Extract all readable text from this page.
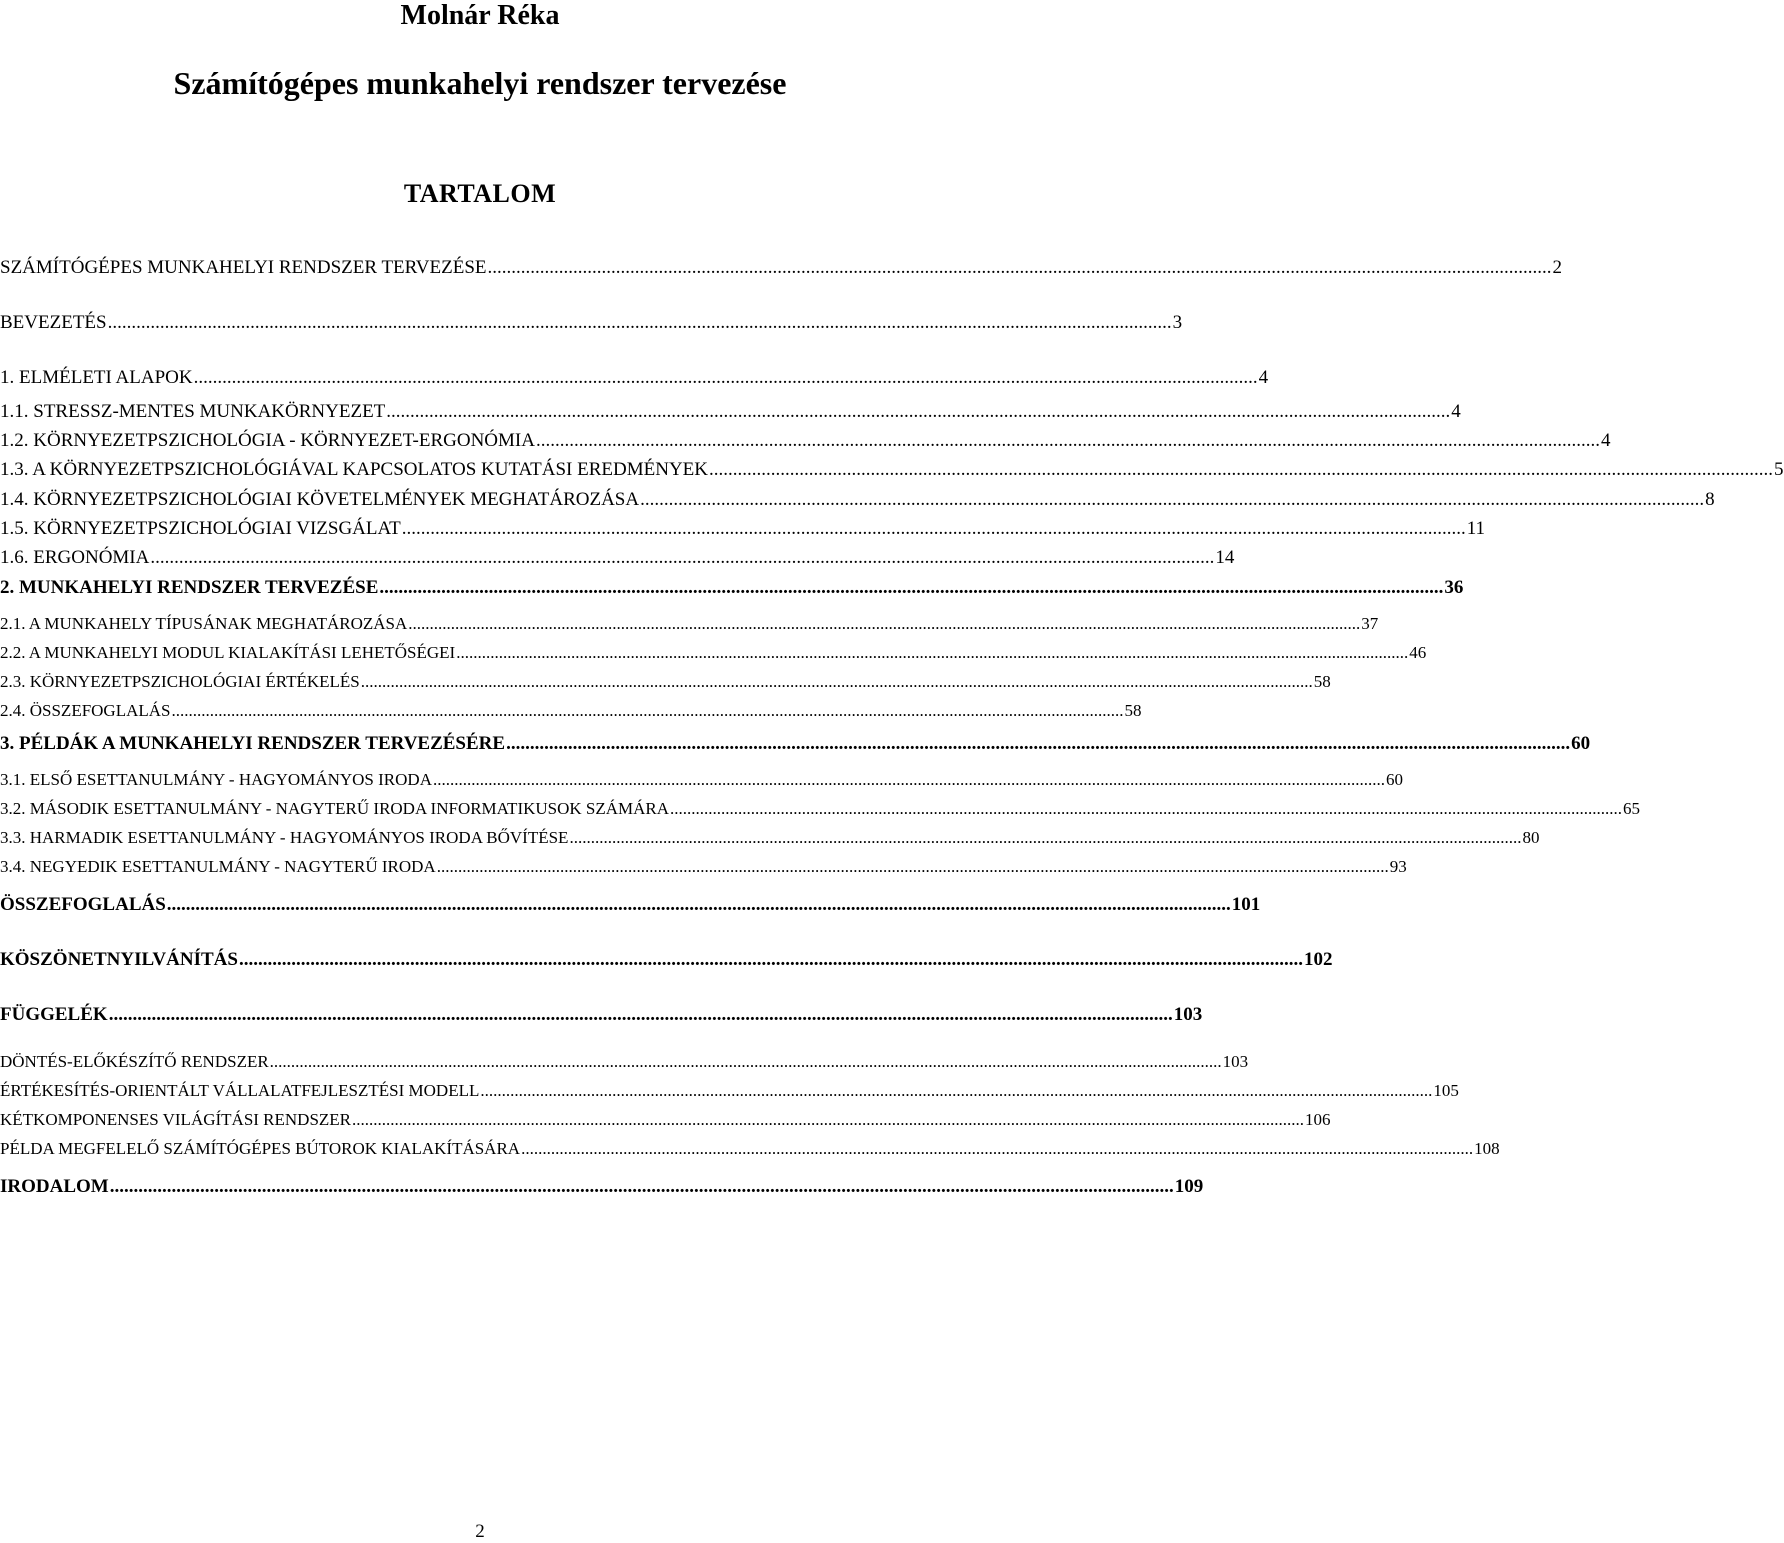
Molnár Réka
Számítógépes munkahelyi rendszer tervezése
TARTALOM
SZÁMÍTÓGÉPES MUNKAHELYI RENDSZER TERVEZÉSE .....	2
BEVEZETÉS .....	3
1. ELMÉLETI ALAPOK .....	4
1.1. STRESSZ-MENTES MUNKAKÖRNYEZET .....	4
1.2. KÖRNYEZETPSZICHOLÓGIA - KÖRNYEZET-ERGONÓMIA .....	4
1.3. A KÖRNYEZETPSZICHOLÓGIÁVAL KAPCSOLATOS KUTATÁSI EREDMÉNYEK .....	5
1.4. KÖRNYEZETPSZICHOLÓGIAI KÖVETELMÉNYEK MEGHATÁROZÁSA .....	8
1.5. KÖRNYEZETPSZICHOLÓGIAI VIZSGÁLAT .....	11
1.6. ERGONÓMIA .....	14
2. MUNKAHELYI RENDSZER TERVEZÉSE .....	36
2.1. A MUNKAHELY TÍPUSÁNAK MEGHATÁROZÁSA .....	37
2.2. A MUNKAHELYI MODUL KIALAKÍTÁSI LEHETŐSÉGEI .....	46
2.3. KÖRNYEZETPSZICHOLÓGIAI ÉRTÉKELÉS .....	58
2.4. ÖSSZEFOGLALÁS .....	58
3. PÉLDÁK A MUNKAHELYI RENDSZER TERVEZÉSÉRE .....	60
3.1. ELSŐ ESETTANULMÁNY - HAGYOMÁNYOS IRODA .....	60
3.2. MÁSODIK ESETTANULMÁNY - NAGYTERŰ IRODA INFORMATIKUSOK SZÁMÁRA .....	65
3.3. HARMADIK ESETTANULMÁNY - HAGYOMÁNYOS IRODA BŐVÍTÉSE .....	80
3.4. NEGYEDIK ESETTANULMÁNY - NAGYTERŰ IRODA .....	93
ÖSSZEFOGLALÁS .....	101
KÖSZÖNETNYILVÁNÍTÁS .....	102
FÜGGELÉK .....	103
DÖNTÉS-ELŐKÉSZÍTŐ RENDSZER .....	103
ÉRTÉKESÍTÉS-ORIENTÁLT VÁLLALATFEJLESZTÉSI MODELL .....	105
KÉTKOMPONENSES VILÁGÍTÁSI RENDSZER .....	106
PÉLDA MEGFELELŐ SZÁMÍTÓGÉPES BÚTOROK KIALAKÍTÁSÁRA .....	108
IRODALOM .....	109
2
